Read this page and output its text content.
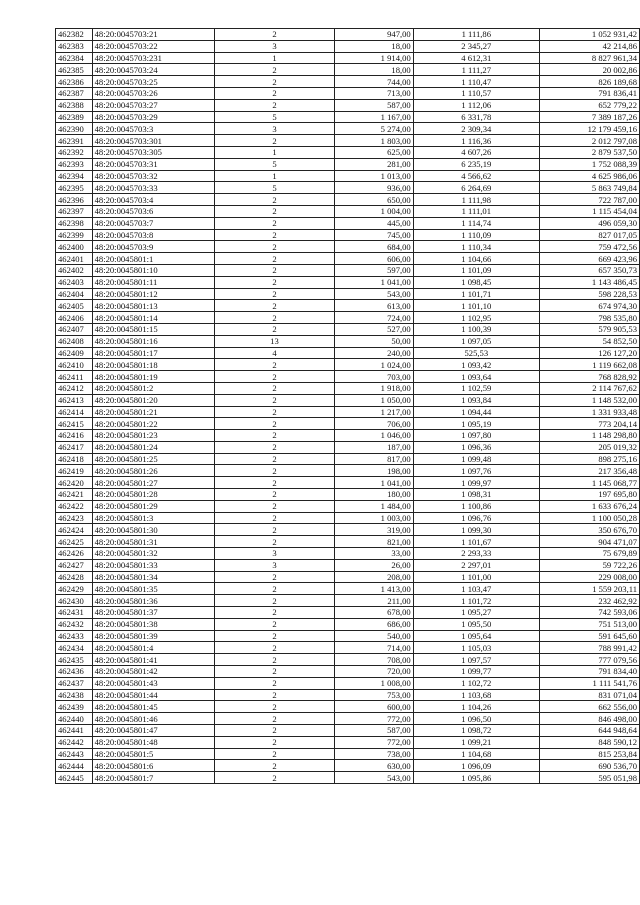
462382	48:20:0045703:21	2	947,00	1 111,86	1 052 931,42
462383	48:20:0045703:22	3	18,00	2 345,27	42 214,86
462384	48:20:0045703:231	1	1 914,00	4 612,31	8 827 961,34
462385	48:20:0045703:24	2	18,00	1 111,27	20 002,86
462386	48:20:0045703:25	2	744,00	1 110,47	826 189,68
462387	48:20:0045703:26	2	713,00	1 110,57	791 836,41
462388	48:20:0045703:27	2	587,00	1 112,06	652 779,22
462389	48:20:0045703:29	5	1 167,00	6 331,78	7 389 187,26
462390	48:20:0045703:3	3	5 274,00	2 309,34	12 179 459,16
462391	48:20:0045703:301	2	1 803,00	1 116,36	2 012 797,08
462392	48:20:0045703:305	1	625,00	4 607,26	2 879 537,50
462393	48:20:0045703:31	5	281,00	6 235,19	1 752 088,39
462394	48:20:0045703:32	1	1 013,00	4 566,62	4 625 986,06
462395	48:20:0045703:33	5	936,00	6 264,69	5 863 749,84
462396	48:20:0045703:4	2	650,00	1 111,98	722 787,00
462397	48:20:0045703:6	2	1 004,00	1 111,01	1 115 454,04
462398	48:20:0045703:7	2	445,00	1 114,74	496 059,30
462399	48:20:0045703:8	2	745,00	1 110,09	827 017,05
462400	48:20:0045703:9	2	684,00	1 110,34	759 472,56
462401	48:20:0045801:1	2	606,00	1 104,66	669 423,96
462402	48:20:0045801:10	2	597,00	1 101,09	657 350,73
462403	48:20:0045801:11	2	1 041,00	1 098,45	1 143 486,45
462404	48:20:0045801:12	2	543,00	1 101,71	598 228,53
462405	48:20:0045801:13	2	613,00	1 101,10	674 974,30
462406	48:20:0045801:14	2	724,00	1 102,95	798 535,80
462407	48:20:0045801:15	2	527,00	1 100,39	579 905,53
462408	48:20:0045801:16	13	50,00	1 097,05	54 852,50
462409	48:20:0045801:17	4	240,00	525,53	126 127,20
462410	48:20:0045801:18	2	1 024,00	1 093,42	1 119 662,08
462411	48:20:0045801:19	2	703,00	1 093,64	768 828,92
462412	48:20:0045801:2	2	1 918,00	1 102,59	2 114 767,62
462413	48:20:0045801:20	2	1 050,00	1 093,84	1 148 532,00
462414	48:20:0045801:21	2	1 217,00	1 094,44	1 331 933,48
462415	48:20:0045801:22	2	706,00	1 095,19	773 204,14
462416	48:20:0045801:23	2	1 046,00	1 097,80	1 148 298,80
462417	48:20:0045801:24	2	187,00	1 096,36	205 019,32
462418	48:20:0045801:25	2	817,00	1 099,48	898 275,16
462419	48:20:0045801:26	2	198,00	1 097,76	217 356,48
462420	48:20:0045801:27	2	1 041,00	1 099,97	1 145 068,77
462421	48:20:0045801:28	2	180,00	1 098,31	197 695,80
462422	48:20:0045801:29	2	1 484,00	1 100,86	1 633 676,24
462423	48:20:0045801:3	2	1 003,00	1 096,76	1 100 050,28
462424	48:20:0045801:30	2	319,00	1 099,30	350 676,70
462425	48:20:0045801:31	2	821,00	1 101,67	904 471,07
462426	48:20:0045801:32	3	33,00	2 293,33	75 679,89
462427	48:20:0045801:33	3	26,00	2 297,01	59 722,26
462428	48:20:0045801:34	2	208,00	1 101,00	229 008,00
462429	48:20:0045801:35	2	1 413,00	1 103,47	1 559 203,11
462430	48:20:0045801:36	2	211,00	1 101,72	232 462,92
462431	48:20:0045801:37	2	678,00	1 095,27	742 593,06
462432	48:20:0045801:38	2	686,00	1 095,50	751 513,00
462433	48:20:0045801:39	2	540,00	1 095,64	591 645,60
462434	48:20:0045801:4	2	714,00	1 105,03	788 991,42
462435	48:20:0045801:41	2	708,00	1 097,57	777 079,56
462436	48:20:0045801:42	2	720,00	1 099,77	791 834,40
462437	48:20:0045801:43	2	1 008,00	1 102,72	1 111 541,76
462438	48:20:0045801:44	2	753,00	1 103,68	831 071,04
462439	48:20:0045801:45	2	600,00	1 104,26	662 556,00
462440	48:20:0045801:46	2	772,00	1 096,50	846 498,00
462441	48:20:0045801:47	2	587,00	1 098,72	644 948,64
462442	48:20:0045801:48	2	772,00	1 099,21	848 590,12
462443	48:20:0045801:5	2	738,00	1 104,68	815 253,84
462444	48:20:0045801:6	2	630,00	1 096,09	690 536,70
462445	48:20:0045801:7	2	543,00	1 095,86	595 051,98
